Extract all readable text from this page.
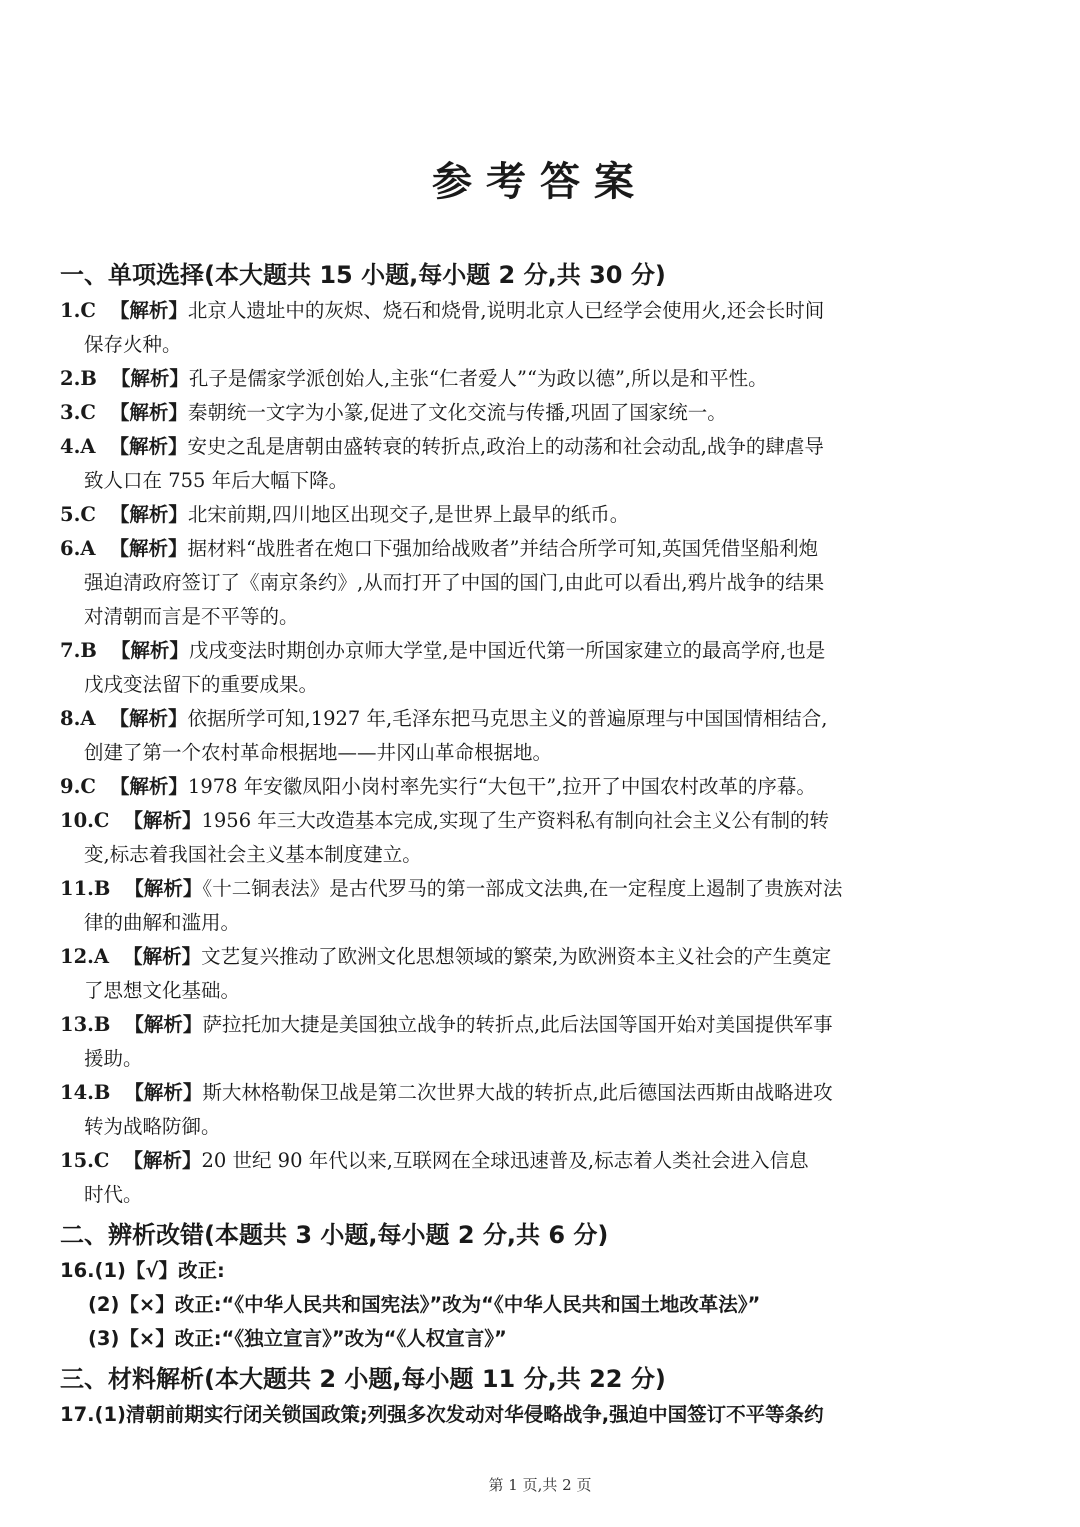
参考答案
一、单项选择(本大题共 15 小题,每小题 2 分,共 30 分)
1.C 【解析】北京人遗址中的灰烬、烧石和烧骨,说明北京人已经学会使用火,还会长时间
保存火种。
2.B 【解析】孔子是儒家学派创始人,主张“仁者爱人”“为政以德”,所以是和平性。
3.C 【解析】秦朝统一文字为小篆,促进了文化交流与传播,巩固了国家统一。
4.A 【解析】安史之乱是唐朝由盛转衰的转折点,政治上的动荡和社会动乱,战争的肆虐导
致人口在 755 年后大幅下降。
5.C 【解析】北宋前期,四川地区出现交子,是世界上最早的纸币。
6.A 【解析】据材料“战胜者在炮口下强加给战败者”并结合所学可知,英国凭借坚船利炮
强迫清政府签订了《南京条约》,从而打开了中国的国门,由此可以看出,鸦片战争的结果
对清朝而言是不平等的。
7.B 【解析】戊戌变法时期创办京师大学堂,是中国近代第一所国家建立的最高学府,也是
戊戌变法留下的重要成果。
8.A 【解析】依据所学可知,1927 年,毛泽东把马克思主义的普遍原理与中国国情相结合,
创建了第一个农村革命根据地——井冈山革命根据地。
9.C 【解析】1978 年安徽凤阳小岗村率先实行“大包干”,拉开了中国农村改革的序幕。
10.C 【解析】1956 年三大改造基本完成,实现了生产资料私有制向社会主义公有制的转
变,标志着我国社会主义基本制度建立。
11.B 【解析】《十二铜表法》是古代罗马的第一部成文法典,在一定程度上遏制了贵族对法
律的曲解和滥用。
12.A 【解析】文艺复兴推动了欧洲文化思想领域的繁荣,为欧洲资本主义社会的产生奠定
了思想文化基础。
13.B 【解析】萨拉托加大捷是美国独立战争的转折点,此后法国等国开始对美国提供军事
援助。
14.B 【解析】斯大林格勒保卫战是第二次世界大战的转折点,此后德国法西斯由战略进攻
转为战略防御。
15.C 【解析】20 世纪 90 年代以来,互联网在全球迅速普及,标志着人类社会进入信息
时代。
二、辨析改错(本题共 3 小题,每小题 2 分,共 6 分)
16.(1)【√】改正:
(2)【×】改正:“《中华人民共和国宪法》”改为“《中华人民共和国土地改革法》”
(3)【×】改正:“《独立宣言》”改为“《人权宣言》”
三、材料解析(本大题共 2 小题,每小题 11 分,共 22 分)
17.(1)清朝前期实行闭关锁国政策;列强多次发动对华侵略战争,强迫中国签订不平等条约
第 1 页,共 2 页
